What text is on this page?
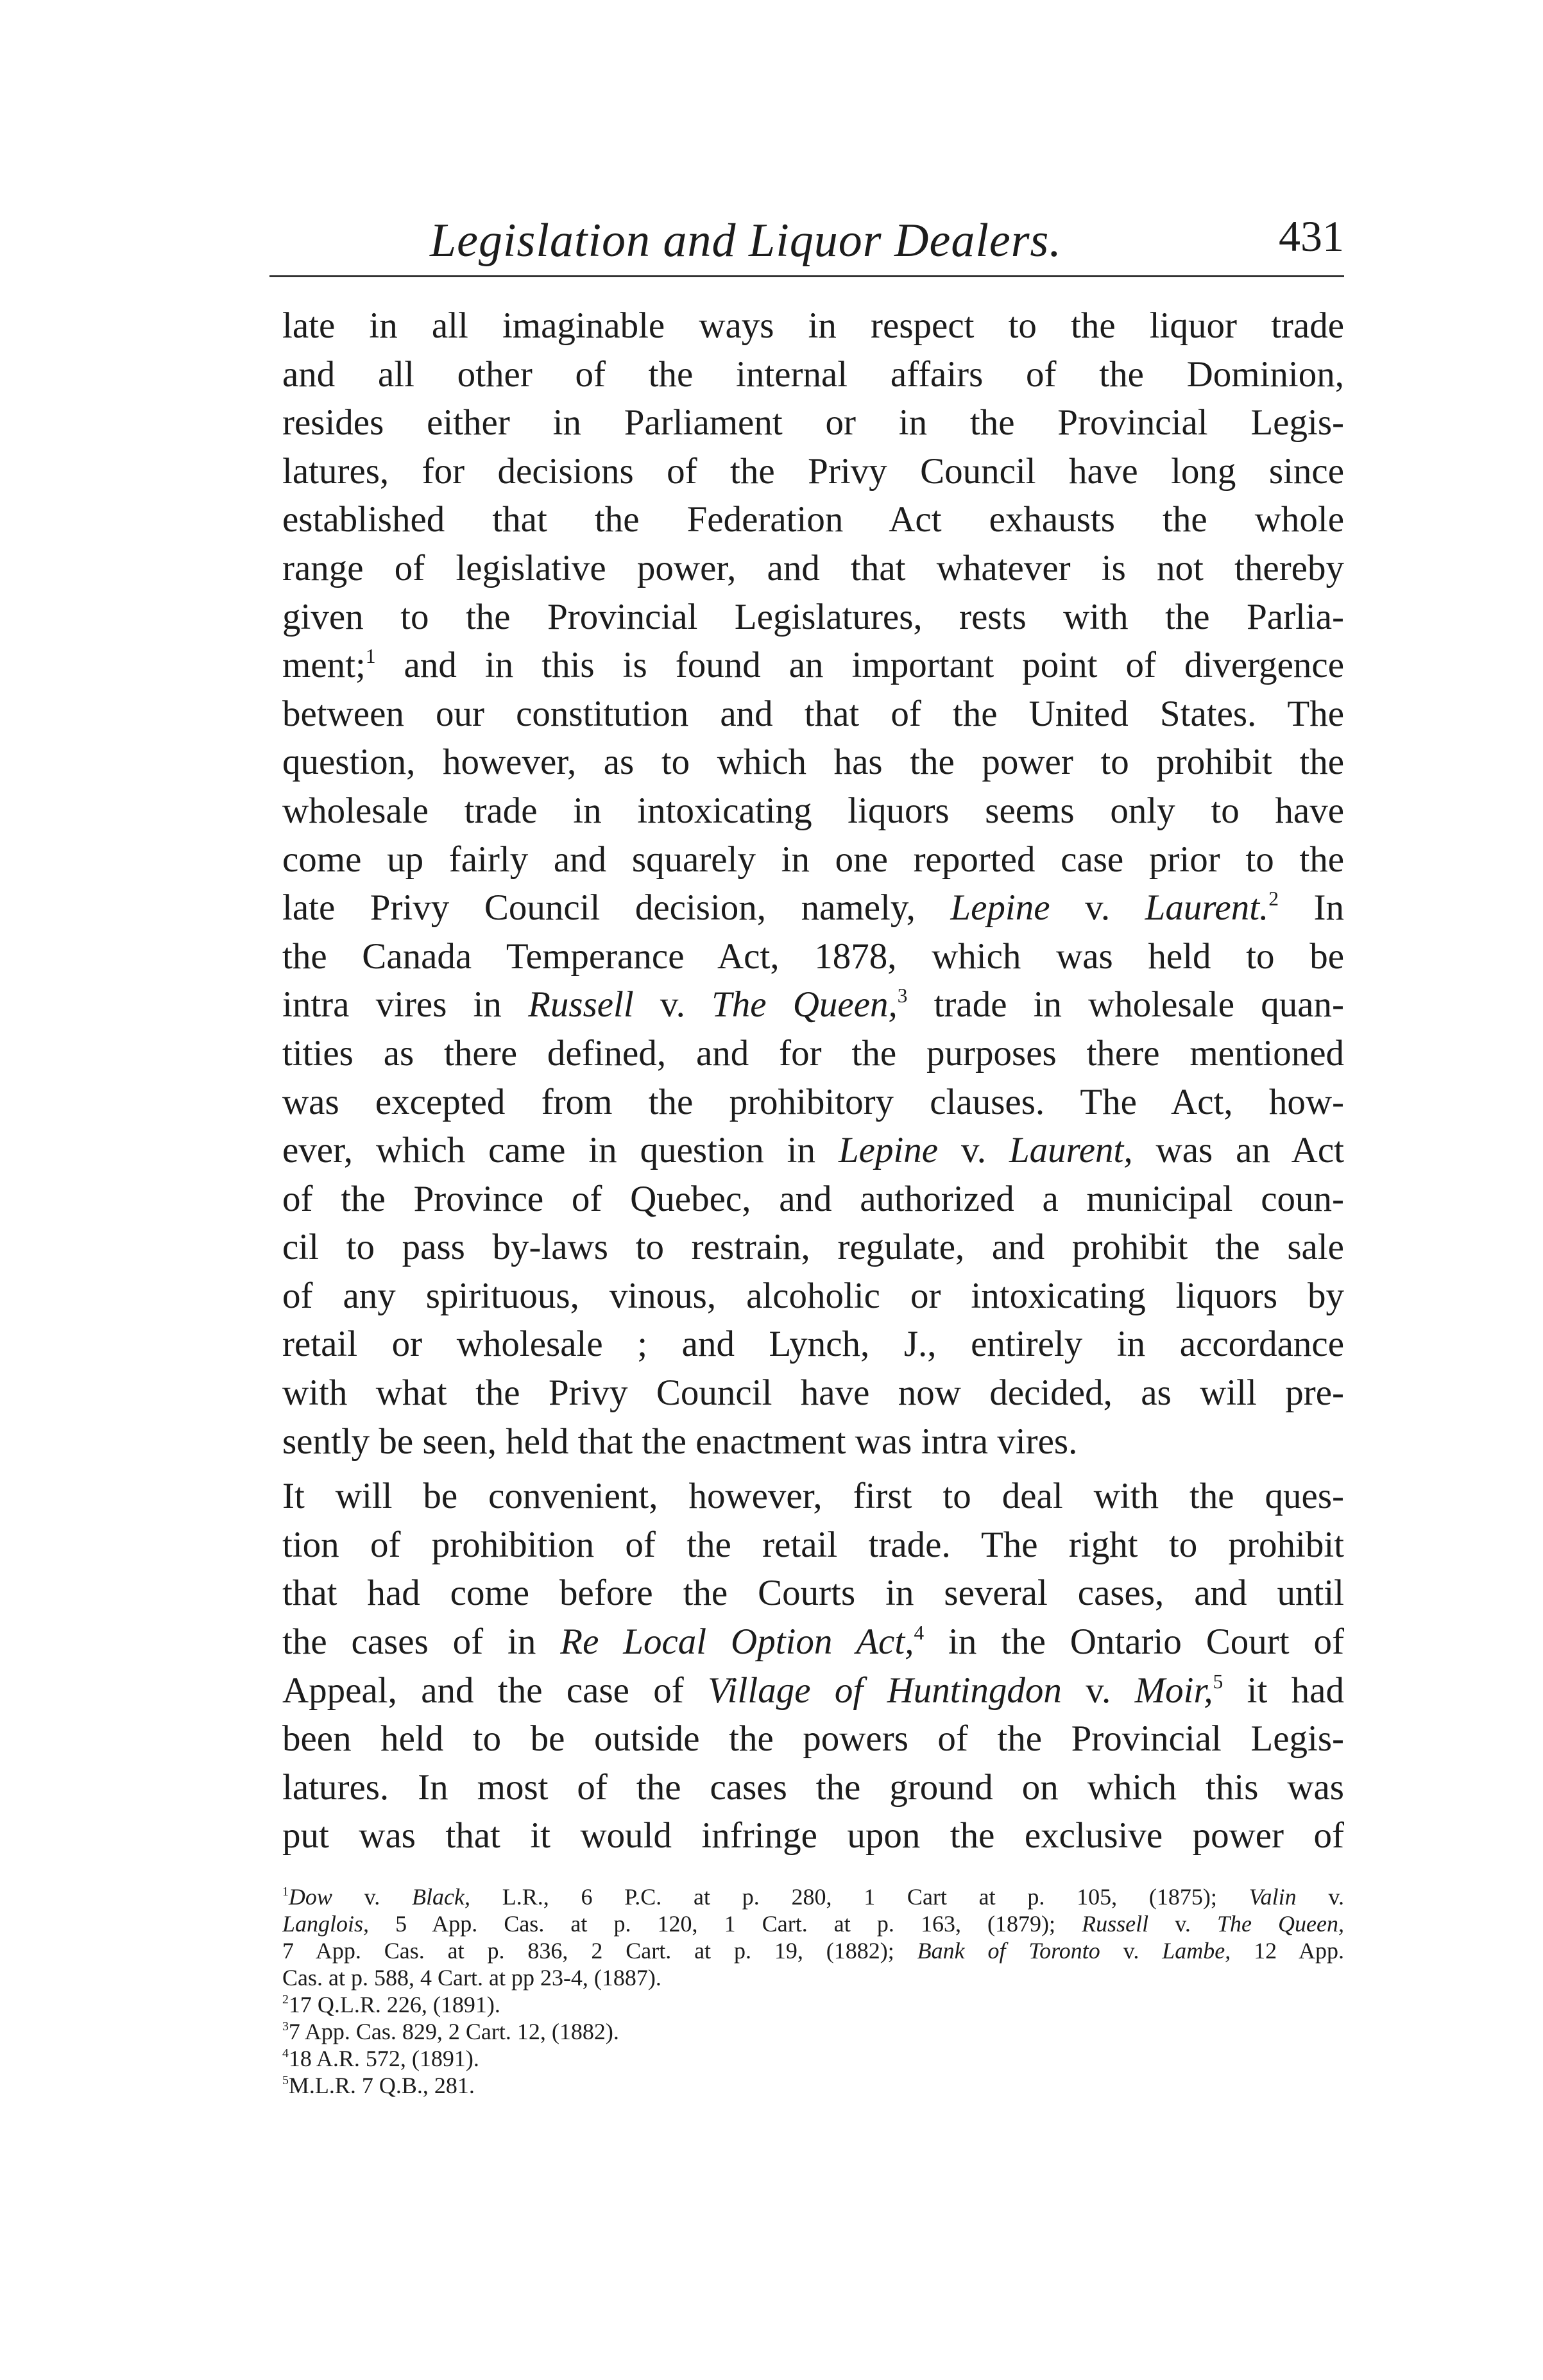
Legislation and Liquor Dealers.	431
late in all imaginable ways in respect to the liquor trade
and all other of the internal affairs of the Dominion,
resides either in Parliament or in the Provincial Legis-
latures, for decisions of the Privy Council have long since
established that the Federation Act exhausts the whole
range of legislative power, and that whatever is not thereby
given to the Provincial Legislatures, rests with the Parlia-
ment;$^1$ and in this is found an important point of divergence
between our constitution and that of the United States. The
question, however, as to which has the power to prohibit the
wholesale trade in intoxicating liquors seems only to have
come up fairly and squarely in one reported case prior to the
late Privy Council decision, namely, Lepine v. Laurent.$^2$ In
the Canada Temperance Act, 1878, which was held to be
intra vires in Russell v. The Queen,$^3$ trade in wholesale quan-
tities as there defined, and for the purposes there mentioned
was excepted from the prohibitory clauses. The Act, how-
ever, which came in question in Lepine v. Laurent, was an Act
of the Province of Quebec, and authorized a municipal coun-
cil to pass by-laws to restrain, regulate, and prohibit the sale
of any spirituous, vinous, alcoholic or intoxicating liquors by
retail or wholesale ; and Lynch, J., entirely in accordance
with what the Privy Council have now decided, as will pre-
sently be seen, held that the enactment was intra vires.
It will be convenient, however, first to deal with the ques-
tion of prohibition of the retail trade. The right to prohibit
that had come before the Courts in several cases, and until
the cases of in Re Local Option Act,$^4$ in the Ontario Court of
Appeal, and the case of Village of Huntingdon v. Moir,$^5$ it had
been held to be outside the powers of the Provincial Legis-
latures. In most of the cases the ground on which this was
put was that it would infringe upon the exclusive power of
$^1$Dow v. Black, L.R., 6 P.C. at p. 280, 1 Cart at p. 105, (1875); Valin v.
Langlois, 5 App. Cas. at p. 120, 1 Cart. at p. 163, (1879); Russell v. The Queen,
7 App. Cas. at p. 836, 2 Cart. at p. 19, (1882); Bank of Toronto v. Lambe, 12 App.
Cas. at p. 588, 4 Cart. at pp 23-4, (1887).
$^2$17 Q.L.R. 226, (1891).
$^3$7 App. Cas. 829, 2 Cart. 12, (1882).
$^4$18 A.R. 572, (1891).
$^5$M.L.R. 7 Q.B., 281.
